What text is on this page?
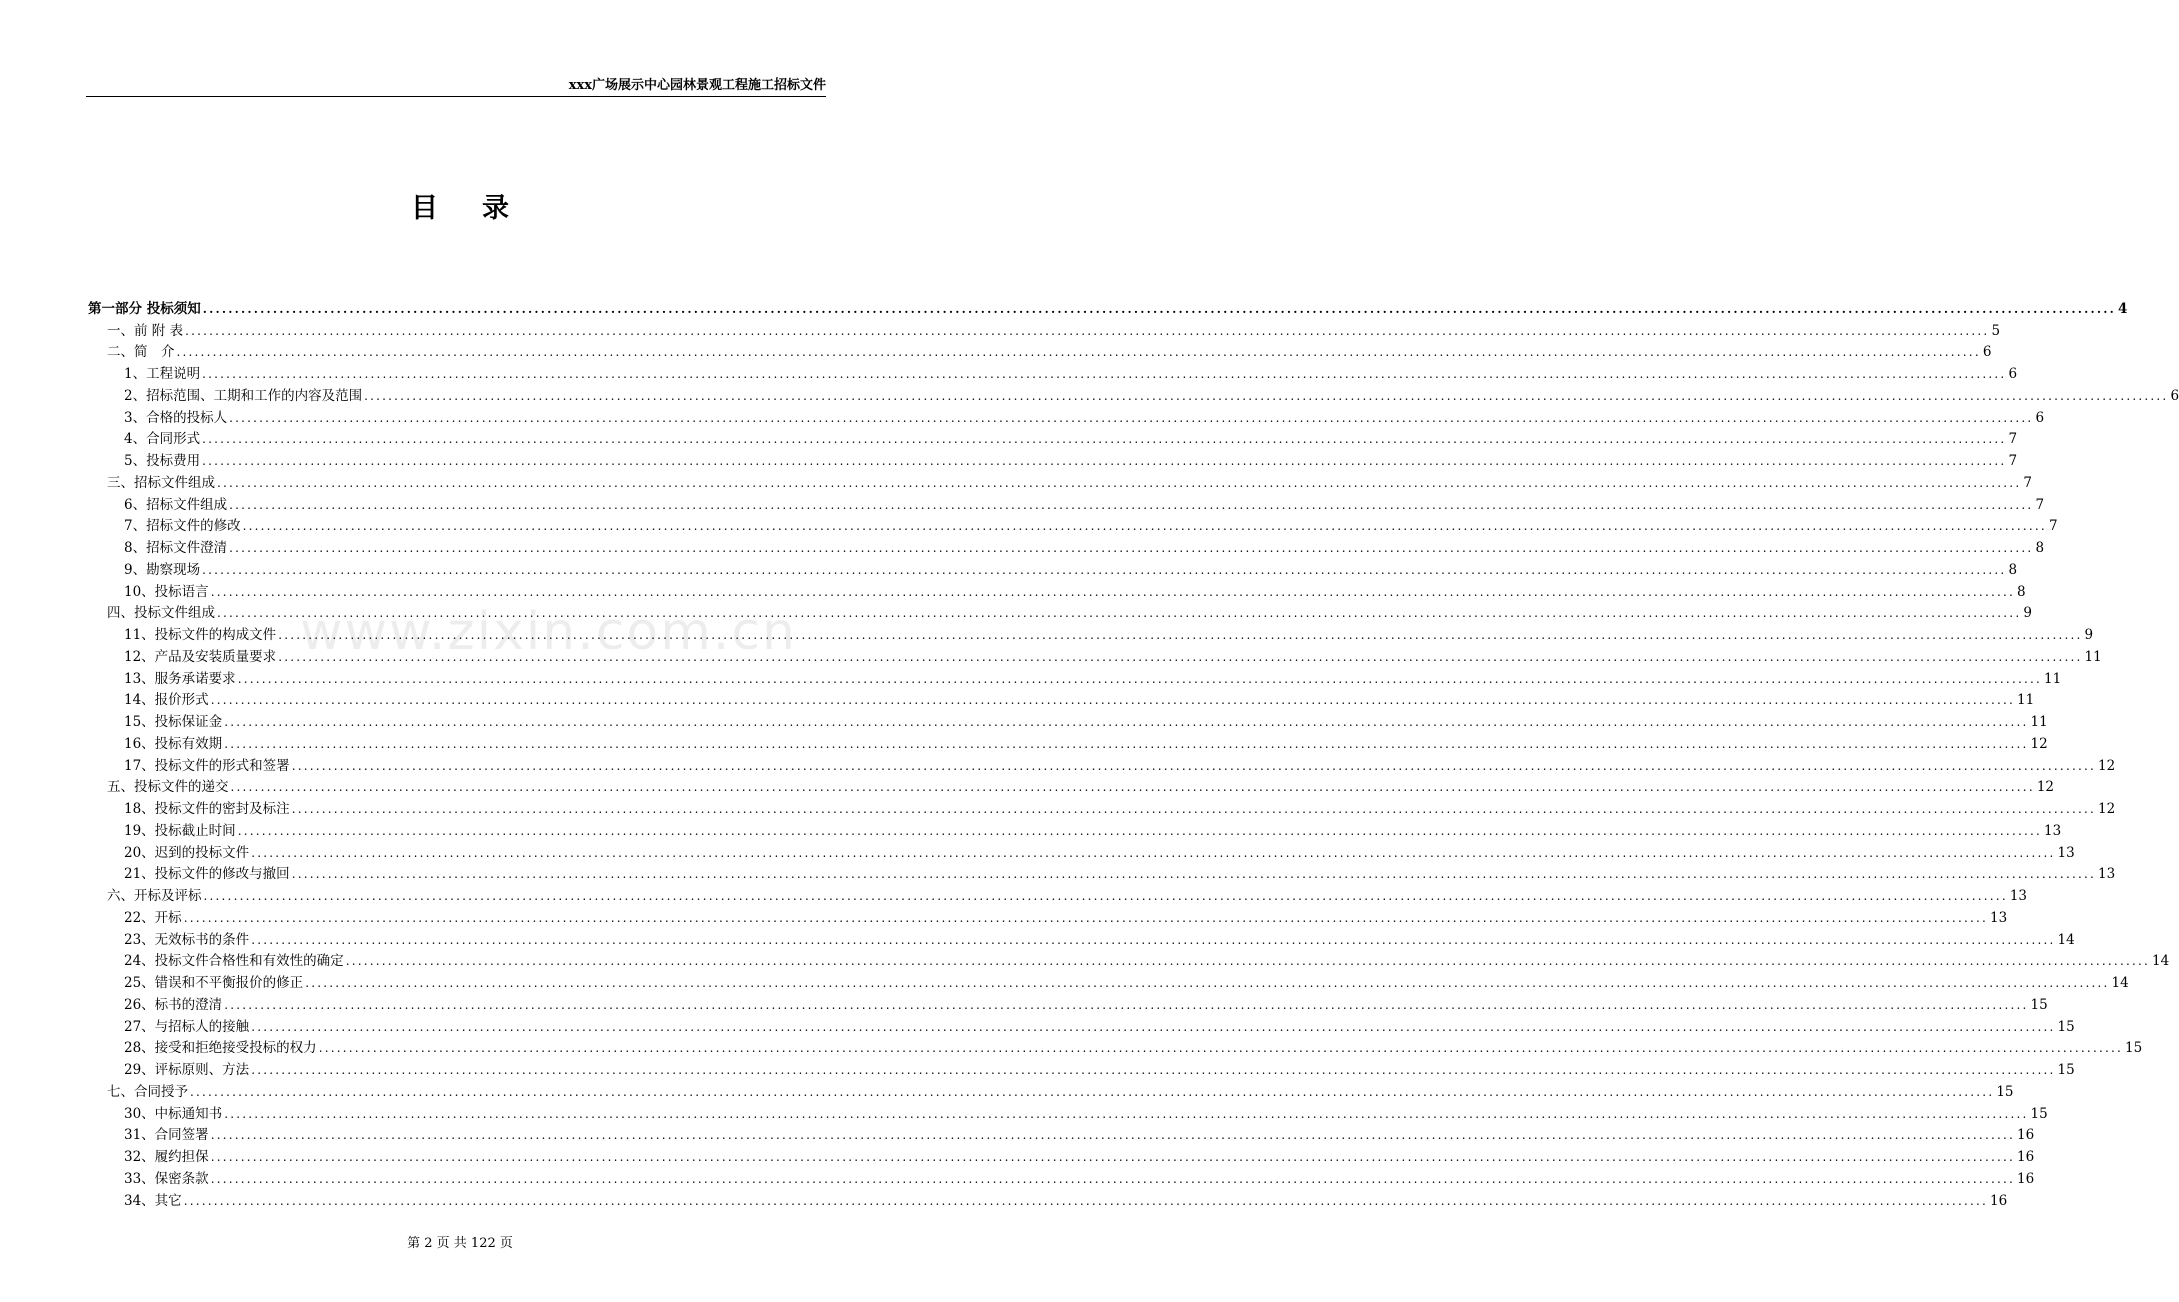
xxx广场展示中心园林景观工程施工招标文件
目录
www.zixin.com.cn
第一部分 投标须知 ............................................................................................................................................................................................................................................................................................................ 4
一、前 附 表 ............................................................................................................................................................................................................................................................................................................ 5
二、简　介 ............................................................................................................................................................................................................................................................................................................ 6
1、工程说明 ............................................................................................................................................................................................................................................................................................................ 6
2、招标范围、工期和工作的内容及范围 ............................................................................................................................................................................................................................................................................................................ 6
3、合格的投标人 ............................................................................................................................................................................................................................................................................................................ 6
4、合同形式 ............................................................................................................................................................................................................................................................................................................ 7
5、投标费用 ............................................................................................................................................................................................................................................................................................................ 7
三、招标文件组成 ............................................................................................................................................................................................................................................................................................................ 7
6、招标文件组成 ............................................................................................................................................................................................................................................................................................................ 7
7、招标文件的修改 ............................................................................................................................................................................................................................................................................................................ 7
8、招标文件澄清 ............................................................................................................................................................................................................................................................................................................ 8
9、勘察现场 ............................................................................................................................................................................................................................................................................................................ 8
10、投标语言 ............................................................................................................................................................................................................................................................................................................ 8
四、投标文件组成 ............................................................................................................................................................................................................................................................................................................ 9
11、投标文件的构成文件 ............................................................................................................................................................................................................................................................................................................ 9
12、产品及安装质量要求 ............................................................................................................................................................................................................................................................................................................ 11
13、服务承诺要求 ............................................................................................................................................................................................................................................................................................................ 11
14、报价形式 ............................................................................................................................................................................................................................................................................................................ 11
15、投标保证金 ............................................................................................................................................................................................................................................................................................................ 11
16、投标有效期 ............................................................................................................................................................................................................................................................................................................ 12
17、投标文件的形式和签署 ............................................................................................................................................................................................................................................................................................................ 12
五、投标文件的递交 ............................................................................................................................................................................................................................................................................................................ 12
18、投标文件的密封及标注 ............................................................................................................................................................................................................................................................................................................ 12
19、投标截止时间 ............................................................................................................................................................................................................................................................................................................ 13
20、迟到的投标文件 ............................................................................................................................................................................................................................................................................................................ 13
21、投标文件的修改与撤回 ............................................................................................................................................................................................................................................................................................................ 13
六、开标及评标 ............................................................................................................................................................................................................................................................................................................ 13
22、开标 ............................................................................................................................................................................................................................................................................................................ 13
23、无效标书的条件 ............................................................................................................................................................................................................................................................................................................ 14
24、投标文件合格性和有效性的确定 ............................................................................................................................................................................................................................................................................................................ 14
25、错误和不平衡报价的修正 ............................................................................................................................................................................................................................................................................................................ 14
26、标书的澄清 ............................................................................................................................................................................................................................................................................................................ 15
27、与招标人的接触 ............................................................................................................................................................................................................................................................................................................ 15
28、接受和拒绝接受投标的权力 ............................................................................................................................................................................................................................................................................................................ 15
29、评标原则、方法 ............................................................................................................................................................................................................................................................................................................ 15
七、合同授予 ............................................................................................................................................................................................................................................................................................................ 15
30、中标通知书 ............................................................................................................................................................................................................................................................................................................ 15
31、合同签署 ............................................................................................................................................................................................................................................................................................................ 16
32、履约担保 ............................................................................................................................................................................................................................................................................................................ 16
33、保密条款 ............................................................................................................................................................................................................................................................................................................ 16
34、其它 ............................................................................................................................................................................................................................................................................................................ 16
第 2 页 共 122 页
